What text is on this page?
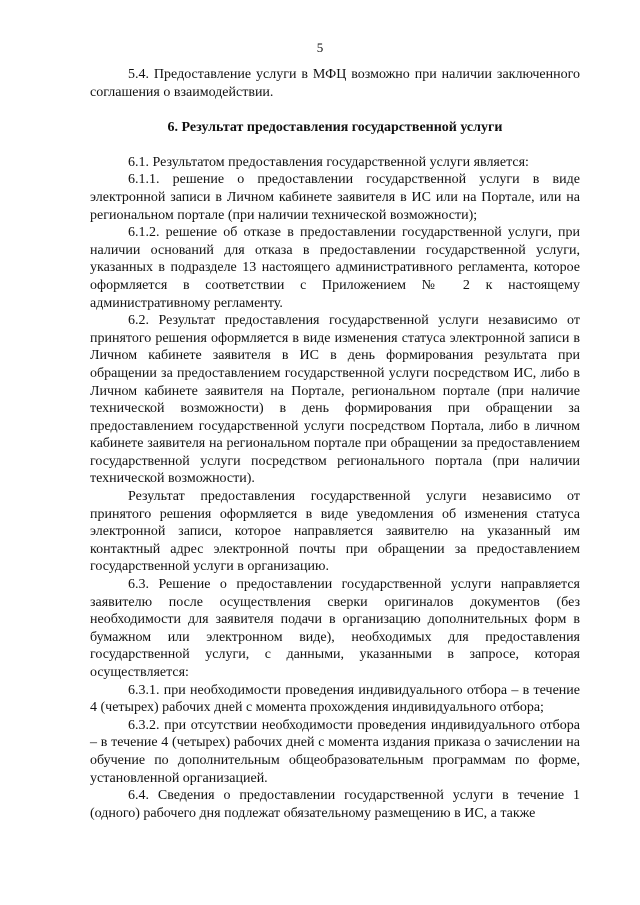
5

5.4. Предоставление услуги в МФЦ возможно при наличии заключенного соглашения о взаимодействии.

6. Результат предоставления государственной услуги

6.1. Результатом предоставления государственной услуги является:

6.1.1. решение о предоставлении государственной услуги в виде электронной записи в Личном кабинете заявителя в ИС или на Портале, или на региональном портале (при наличии технической возможности);

6.1.2. решение об отказе в предоставлении государственной услуги, при наличии оснований для отказа в предоставлении государственной услуги, указанных в подразделе 13 настоящего административного регламента, которое оформляется в соответствии с Приложением № 2 к настоящему административному регламенту.

6.2. Результат предоставления государственной услуги независимо от принятого решения оформляется в виде изменения статуса электронной записи в Личном кабинете заявителя в ИС в день формирования результата при обращении за предоставлением государственной услуги посредством ИС, либо в Личном кабинете заявителя на Портале, региональном портале (при наличие технической возможности) в день формирования при обращении за предоставлением государственной услуги посредством Портала, либо в личном кабинете заявителя на региональном портале при обращении за предоставлением государственной услуги посредством регионального портала (при наличии технической возможности).

Результат предоставления государственной услуги независимо от принятого решения оформляется в виде уведомления об изменения статуса электронной записи, которое направляется заявителю на указанный им контактный адрес электронной почты при обращении за предоставлением государственной услуги в организацию.

6.3. Решение о предоставлении государственной услуги направляется заявителю после осуществления сверки оригиналов документов (без необходимости для заявителя подачи в организацию дополнительных форм в бумажном или электронном виде), необходимых для предоставления государственной услуги, с данными, указанными в запросе, которая осуществляется:

6.3.1. при необходимости проведения индивидуального отбора – в течение 4 (четырех) рабочих дней с момента прохождения индивидуального отбора;

6.3.2. при отсутствии необходимости проведения индивидуального отбора – в течение 4 (четырех) рабочих дней с момента издания приказа о зачислении на обучение по дополнительным общеобразовательным программам по форме, установленной организацией.

6.4. Сведения о предоставлении государственной услуги в течение 1 (одного) рабочего дня подлежат обязательному размещению в ИС, а также
